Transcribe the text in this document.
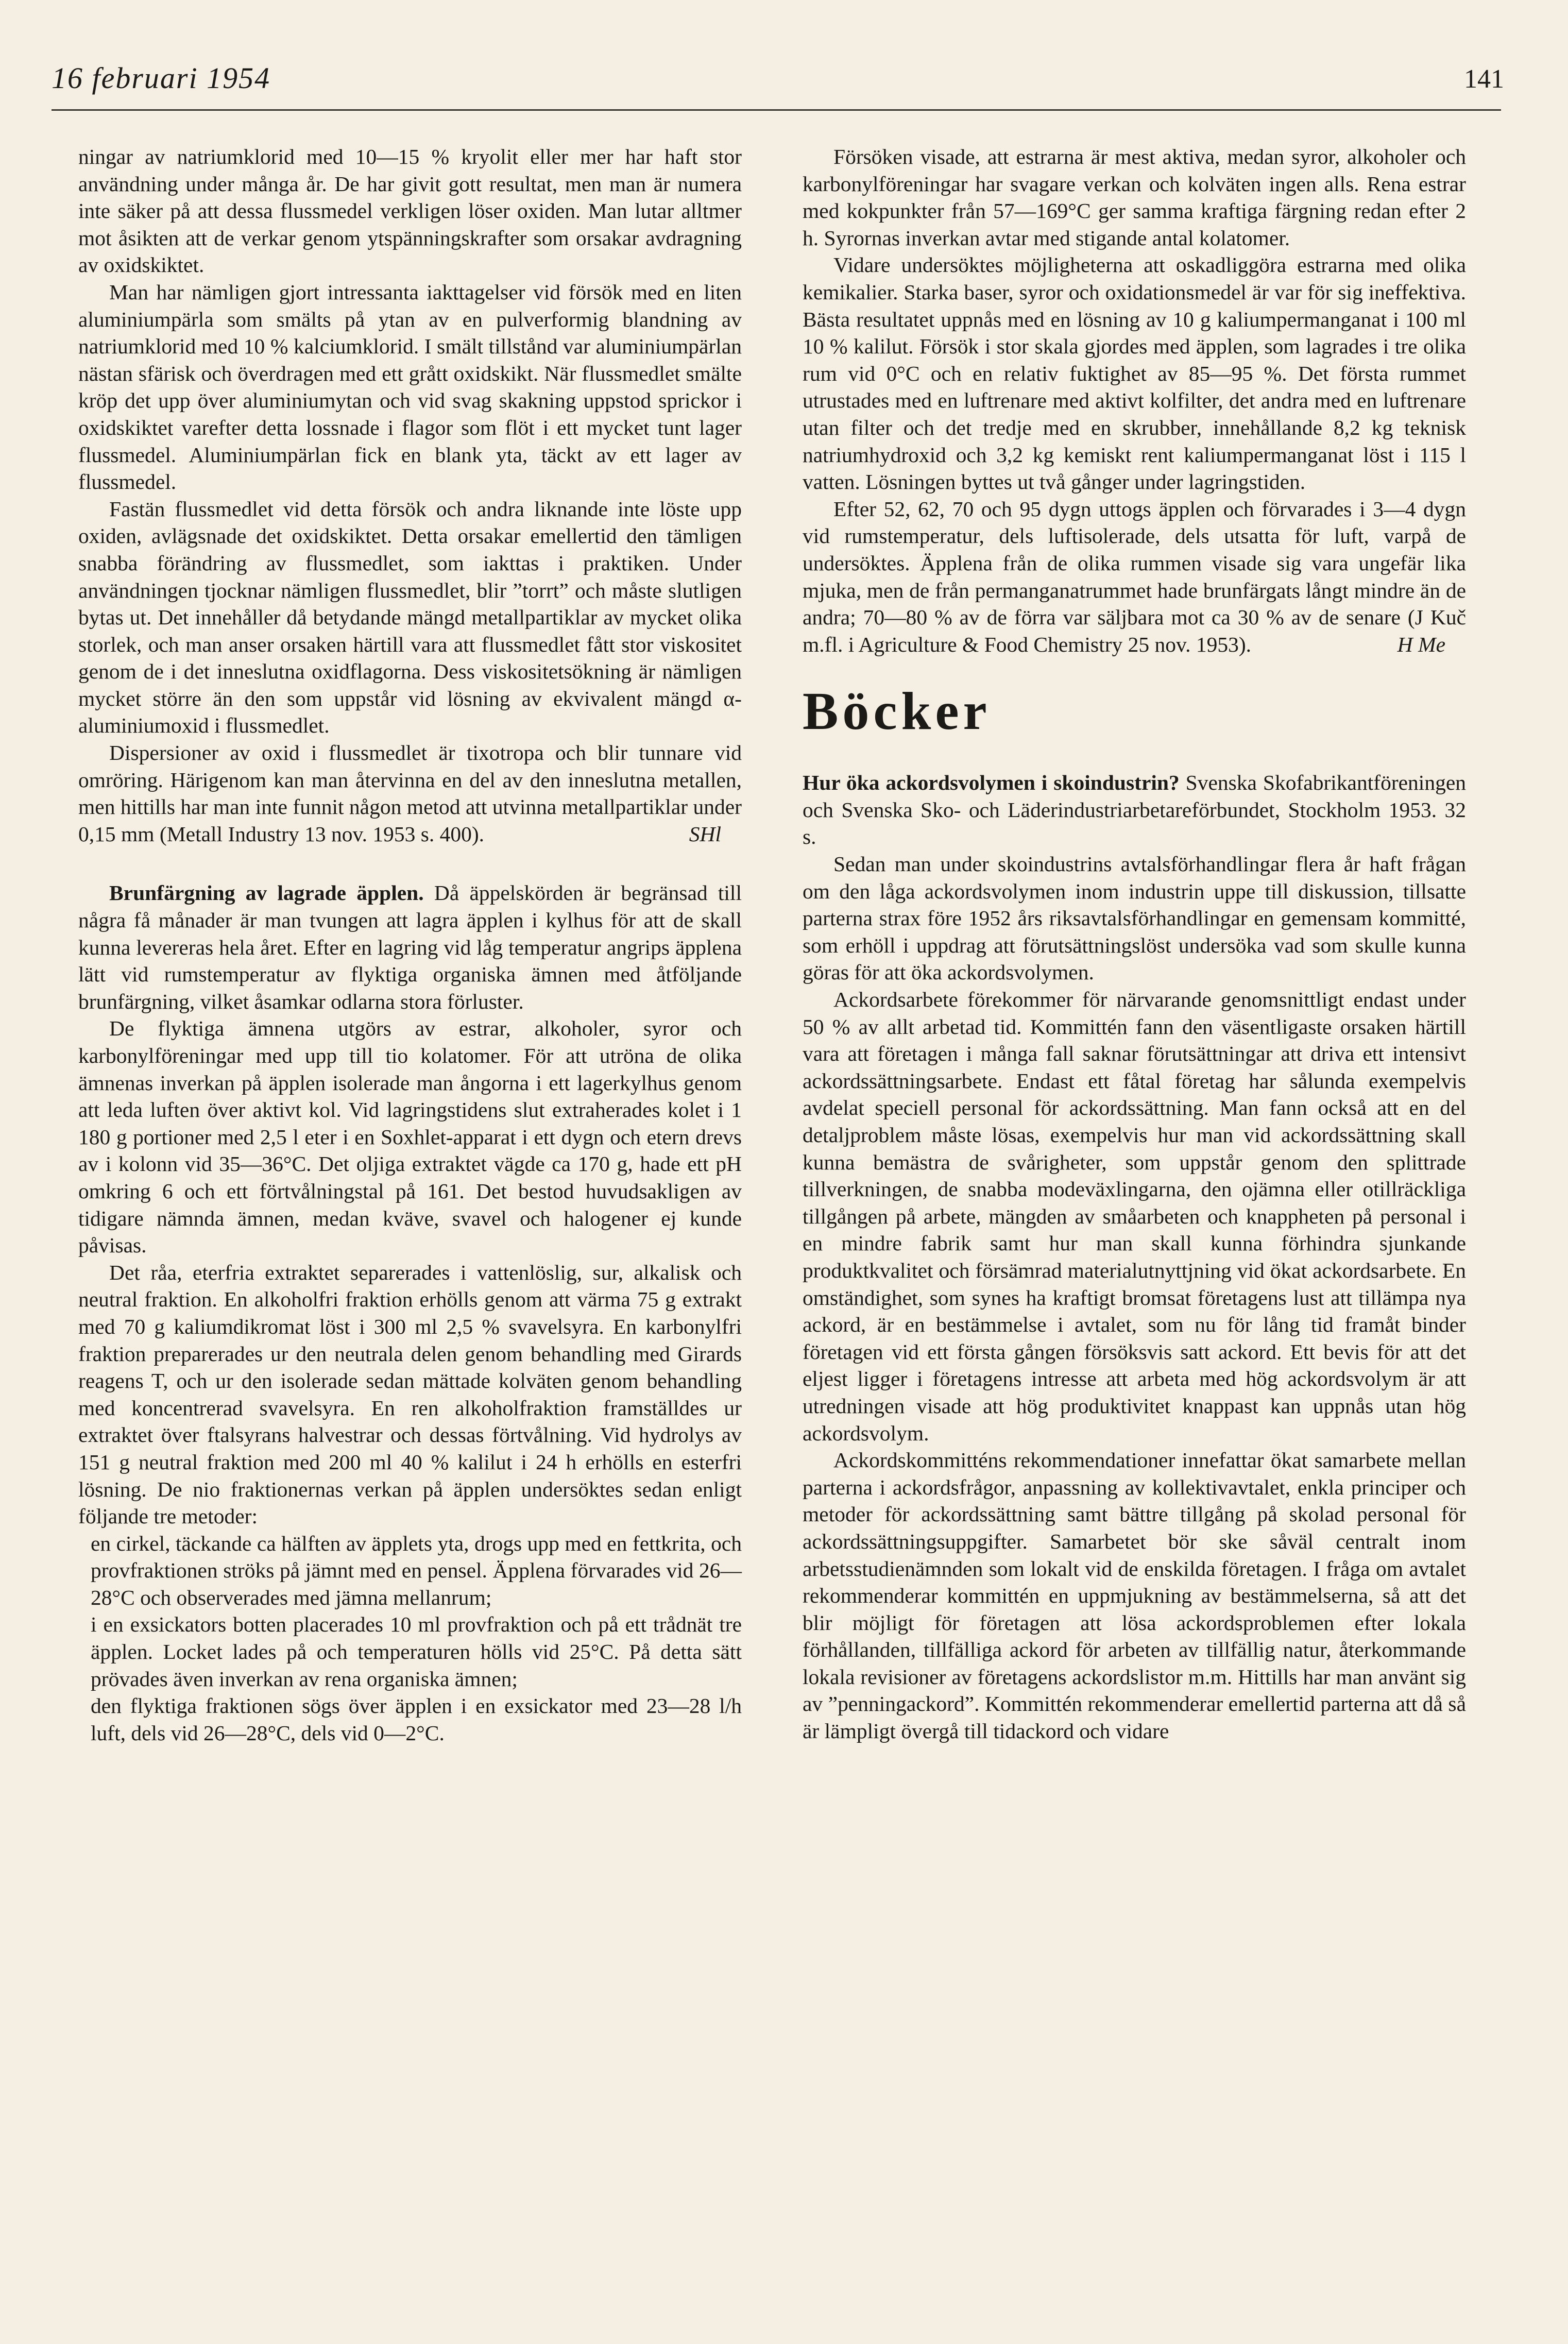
16 februari 1954	141

ningar av natriumklorid med 10—15 % kryolit eller mer har haft stor användning under många år. De har givit gott resultat, men man är numera inte säker på att dessa flussmedel verkligen löser oxiden. Man lutar alltmer mot åsikten att de verkar genom ytspänningskrafter som orsakar avdragning av oxidskiktet.

Man har nämligen gjort intressanta iakttagelser vid försök med en liten aluminiumpärla som smälts på ytan av en pulverformig blandning av natriumklorid med 10 % kalciumklorid. I smält tillstånd var aluminiumpärlan nästan sfärisk och överdragen med ett grått oxidskikt. När flussmedlet smälte kröp det upp över aluminiumytan och vid svag skakning uppstod sprickor i oxidskiktet varefter detta lossnade i flagor som flöt i ett mycket tunt lager flussmedel. Aluminiumpärlan fick en blank yta, täckt av ett lager av flussmedel.

Fastän flussmedlet vid detta försök och andra liknande inte löste upp oxiden, avlägsnade det oxidskiktet. Detta orsakar emellertid den tämligen snabba förändring av flussmedlet, som iakttas i praktiken. Under användningen tjocknar nämligen flussmedlet, blir ”torrt” och måste slutligen bytas ut. Det innehåller då betydande mängd metallpartiklar av mycket olika storlek, och man anser orsaken härtill vara att flussmedlet fått stor viskositet genom de i det inneslutna oxidflagorna. Dess viskositetsökning är nämligen mycket större än den som uppstår vid lösning av ekvivalent mängd α-aluminiumoxid i flussmedlet.

Dispersioner av oxid i flussmedlet är tixotropa och blir tunnare vid omröring. Härigenom kan man återvinna en del av den inneslutna metallen, men hittills har man inte funnit någon metod att utvinna metallpartiklar under 0,15 mm (Metall Industry 13 nov. 1953 s. 400).	SHl

Brunfärgning av lagrade äpplen. Då äppelskörden är begränsad till några få månader är man tvungen att lagra äpplen i kylhus för att de skall kunna levereras hela året. Efter en lagring vid låg temperatur angrips äpplena lätt vid rumstemperatur av flyktiga organiska ämnen med åtföljande brunfärgning, vilket åsamkar odlarna stora förluster.

De flyktiga ämnena utgörs av estrar, alkoholer, syror och karbonylföreningar med upp till tio kolatomer. För att utröna de olika ämnenas inverkan på äpplen isolerade man ångorna i ett lagerkylhus genom att leda luften över aktivt kol. Vid lagringstidens slut extraherades kolet i 1 180 g portioner med 2,5 l eter i en Soxhlet-apparat i ett dygn och etern drevs av i kolonn vid 35—36°C. Det oljiga extraktet vägde ca 170 g, hade ett pH omkring 6 och ett förtvålningstal på 161. Det bestod huvudsakligen av tidigare nämnda ämnen, medan kväve, svavel och halogener ej kunde påvisas.

Det råa, eterfria extraktet separerades i vattenlöslig, sur, alkalisk och neutral fraktion. En alkoholfri fraktion erhölls genom att värma 75 g extrakt med 70 g kaliumdikromat löst i 300 ml 2,5 % svavelsyra. En karbonylfri fraktion preparerades ur den neutrala delen genom behandling med Girards reagens T, och ur den isolerade sedan mättade kolväten genom behandling med koncentrerad svavelsyra. En ren alkoholfraktion framställdes ur extraktet över ftalsyrans halvestrar och dessas förtvålning. Vid hydrolys av 151 g neutral fraktion med 200 ml 40 % kalilut i 24 h erhölls en esterfri lösning. De nio fraktionernas verkan på äpplen undersöktes sedan enligt följande tre metoder:

en cirkel, täckande ca hälften av äpplets yta, drogs upp med en fettkrita, och provfraktionen ströks på jämnt med en pensel. Äpplena förvarades vid 26—28°C och observerades med jämna mellanrum;

i en exsickators botten placerades 10 ml provfraktion och på ett trådnät tre äpplen. Locket lades på och temperaturen hölls vid 25°C. På detta sätt prövades även inverkan av rena organiska ämnen;

den flyktiga fraktionen sögs över äpplen i en exsickator med 23—28 l/h luft, dels vid 26—28°C, dels vid 0—2°C.

Försöken visade, att estrarna är mest aktiva, medan syror, alkoholer och karbonylföreningar har svagare verkan och kolväten ingen alls. Rena estrar med kokpunkter från 57—169°C ger samma kraftiga färgning redan efter 2 h. Syrornas inverkan avtar med stigande antal kolatomer.

Vidare undersöktes möjligheterna att oskadliggöra estrarna med olika kemikalier. Starka baser, syror och oxidationsmedel är var för sig ineffektiva. Bästa resultatet uppnås med en lösning av 10 g kaliumpermanganat i 100 ml 10 % kalilut. Försök i stor skala gjordes med äpplen, som lagrades i tre olika rum vid 0°C och en relativ fuktighet av 85—95 %. Det första rummet utrustades med en luftrenare med aktivt kolfilter, det andra med en luftrenare utan filter och det tredje med en skrubber, innehållande 8,2 kg teknisk natriumhydroxid och 3,2 kg kemiskt rent kaliumpermanganat löst i 115 l vatten. Lösningen byttes ut två gånger under lagringstiden.

Efter 52, 62, 70 och 95 dygn uttogs äpplen och förvarades i 3—4 dygn vid rumstemperatur, dels luftisolerade, dels utsatta för luft, varpå de undersöktes. Äpplena från de olika rummen visade sig vara ungefär lika mjuka, men de från permanganatrummet hade brunfärgats långt mindre än de andra; 70—80 % av de förra var säljbara mot ca 30 % av de senare (J Kuč m.fl. i Agriculture & Food Chemistry 25 nov. 1953).	H Me

Böcker

Hur öka ackordsvolymen i skoindustrin? Svenska Skofabrikantföreningen och Svenska Sko- och Läderindustriarbetareförbundet, Stockholm 1953. 32 s.

Sedan man under skoindustrins avtalsförhandlingar flera år haft frågan om den låga ackordsvolymen inom industrin uppe till diskussion, tillsatte parterna strax före 1952 års riksavtalsförhandlingar en gemensam kommitté, som erhöll i uppdrag att förutsättningslöst undersöka vad som skulle kunna göras för att öka ackordsvolymen.

Ackordsarbete förekommer för närvarande genomsnittligt endast under 50 % av allt arbetad tid. Kommittén fann den väsentligaste orsaken härtill vara att företagen i många fall saknar förutsättningar att driva ett intensivt ackordssättningsarbete. Endast ett fåtal företag har sålunda exempelvis avdelat speciell personal för ackordssättning. Man fann också att en del detaljproblem måste lösas, exempelvis hur man vid ackordssättning skall kunna bemästra de svårigheter, som uppstår genom den splittrade tillverkningen, de snabba modeväxlingarna, den ojämna eller otillräckliga tillgången på arbete, mängden av småarbeten och knappheten på personal i en mindre fabrik samt hur man skall kunna förhindra sjunkande produktkvalitet och försämrad materialutnyttjning vid ökat ackordsarbete. En omständighet, som synes ha kraftigt bromsat företagens lust att tillämpa nya ackord, är en bestämmelse i avtalet, som nu för lång tid framåt binder företagen vid ett första gången försöksvis satt ackord. Ett bevis för att det eljest ligger i företagens intresse att arbeta med hög ackordsvolym är att utredningen visade att hög produktivitet knappast kan uppnås utan hög ackordsvolym.

Ackordskommitténs rekommendationer innefattar ökat samarbete mellan parterna i ackordsfrågor, anpassning av kollektivavtalet, enkla principer och metoder för ackordssättning samt bättre tillgång på skolad personal för ackordssättningsuppgifter. Samarbetet bör ske såväl centralt inom arbetsstudienämnden som lokalt vid de enskilda företagen. I fråga om avtalet rekommenderar kommittén en uppmjukning av bestämmelserna, så att det blir möjligt för företagen att lösa ackordsproblemen efter lokala förhållanden, tillfälliga ackord för arbeten av tillfällig natur, återkommande lokala revisioner av företagens ackordslistor m.m. Hittills har man använt sig av ”penningackord”. Kommittén rekommenderar emellertid parterna att då så är lämpligt övergå till tidackord och vidare
